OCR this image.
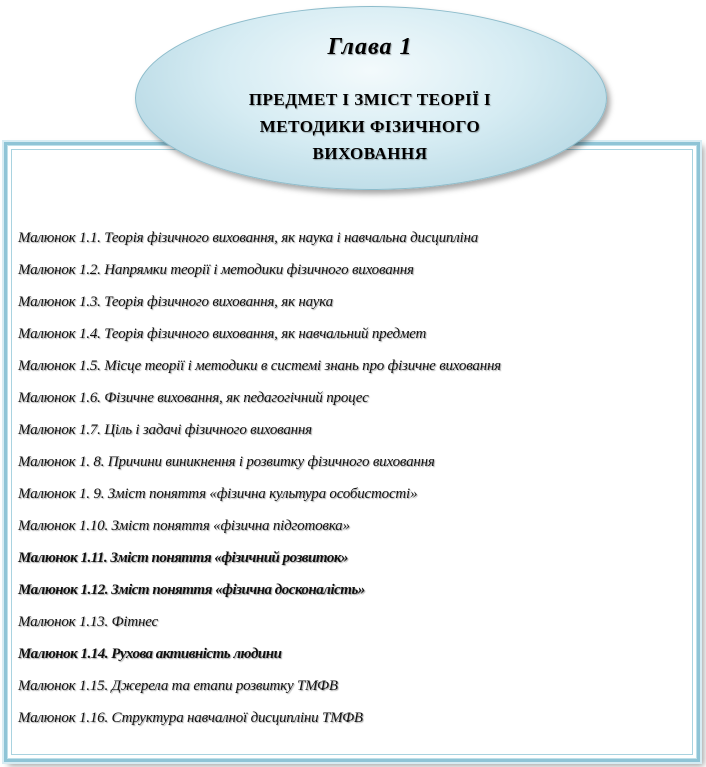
Глава 1
ПРЕДМЕТ І ЗМІСТ ТЕОРІЇ І
МЕТОДИКИ ФІЗИЧНОГО
ВИХОВАННЯ
Малюнок 1.1. Теорія фізичного виховання, як наука і навчальна дисципліна
Малюнок 1.2. Напрямки теорії і методики фізичного виховання
Малюнок 1.3. Теорія фізичного виховання, як наука
Малюнок 1.4. Теорія фізичного виховання, як навчальний предмет
Малюнок 1.5. Місце теорії і методики в системі знань про фізичне виховання
Малюнок 1.6. Фізичне виховання, як педагогічний процес
Малюнок 1.7. Ціль і задачі фізичного виховання
Малюнок 1. 8. Причини виникнення і розвитку фізичного виховання
Малюнок 1. 9. Зміст поняття «фізична культура особистості»
Малюнок 1.10. Зміст поняття «фізична підготовка»
Малюнок 1.11. Зміст поняття «фізичний розвиток»
Малюнок 1.12. Зміст поняття «фізична досконалість»
Малюнок 1.13. Фітнес
Малюнок 1.14. Рухова активність людини
Малюнок 1.15. Джерела та етапи розвитку ТМФВ
Малюнок 1.16. Структура навчалної дисципліни ТМФВ
